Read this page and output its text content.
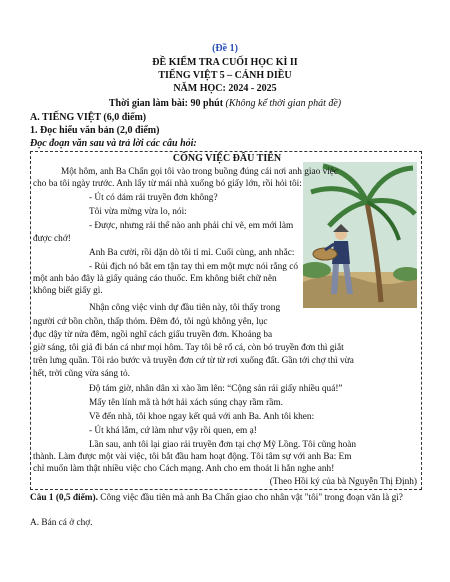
(Đề 1)
ĐỀ KIỂM TRA CUỐI HỌC KÌ II
TIẾNG VIỆT 5 – CÁNH DIỀU
NĂM HỌC: 2024 - 2025
Thời gian làm bài: 90 phút (Không kể thời gian phát đề)
A. TIẾNG VIỆT (6,0 điểm)
1. Đọc hiểu văn bản (2,0 điểm)
Đọc đoạn văn sau và trả lời các câu hỏi:
CÔNG VIỆC ĐẦU TIÊN
Một hôm, anh Ba Chẩn gọi tôi vào trong buồng đúng cái nơi anh giao việc
cho ba tôi ngày trước. Anh lấy từ mái nhà xuống bó giấy lớn, rồi hỏi tôi:
- Út có dám rải truyền đơn không?
Tôi vừa mừng vừa lo, nói:
- Được, nhưng rải thế nào anh phải chỉ vẽ, em mới làm
được chớ!
Anh Ba cười, rồi dặn dò tôi tỉ mỉ. Cuối cùng, anh nhắc:
- Rủi địch nó bắt em tận tay thì em một mực nói rằng có
một anh bảo đây là giấy quảng cáo thuốc. Em không biết chữ nên
không biết giấy gì.
Nhận công việc vinh dự đầu tiên này, tôi thấy trong
người cứ bồn chồn, thấp thỏm. Đêm đó, tôi ngủ không yên, lục
đục dậy từ nửa đêm, ngồi nghĩ cách giấu truyền đơn. Khoảng ba
giờ sáng, tôi giả đi bán cá như mọi hôm. Tay tôi bê rổ cá, còn bó truyền đơn thì giắt
trên lưng quần. Tôi rảo bước và truyền đơn cứ từ từ rơi xuống đất. Gần tới chợ thì vừa
hết, trời cũng vừa sáng tỏ.
Độ tám giờ, nhân dân xì xào ầm lên: “Cộng sản rải giấy nhiều quá!”
Mấy tên lính mã tà hớt hải xách súng chạy rầm rầm.
Về đến nhà, tôi khoe ngay kết quả với anh Ba. Anh tôi khen:
- Út khá lắm, cứ làm như vậy rồi quen, em ạ!
Lần sau, anh tôi lại giao rải truyền đơn tại chợ Mỹ Lồng. Tôi cũng hoàn
thành. Làm được một vài việc, tôi bắt đầu ham hoạt động. Tôi tâm sự với anh Ba: Em
chỉ muốn làm thật nhiều việc cho Cách mạng. Anh cho em thoát li hẳn nghe anh!
(Theo Hồi ký của bà Nguyễn Thị Định)
Câu 1 (0,5 điểm). Công việc đầu tiên mà anh Ba Chẩn giao cho nhân vật "tôi" trong đoạn văn là gì?
A. Bán cá ở chợ.
